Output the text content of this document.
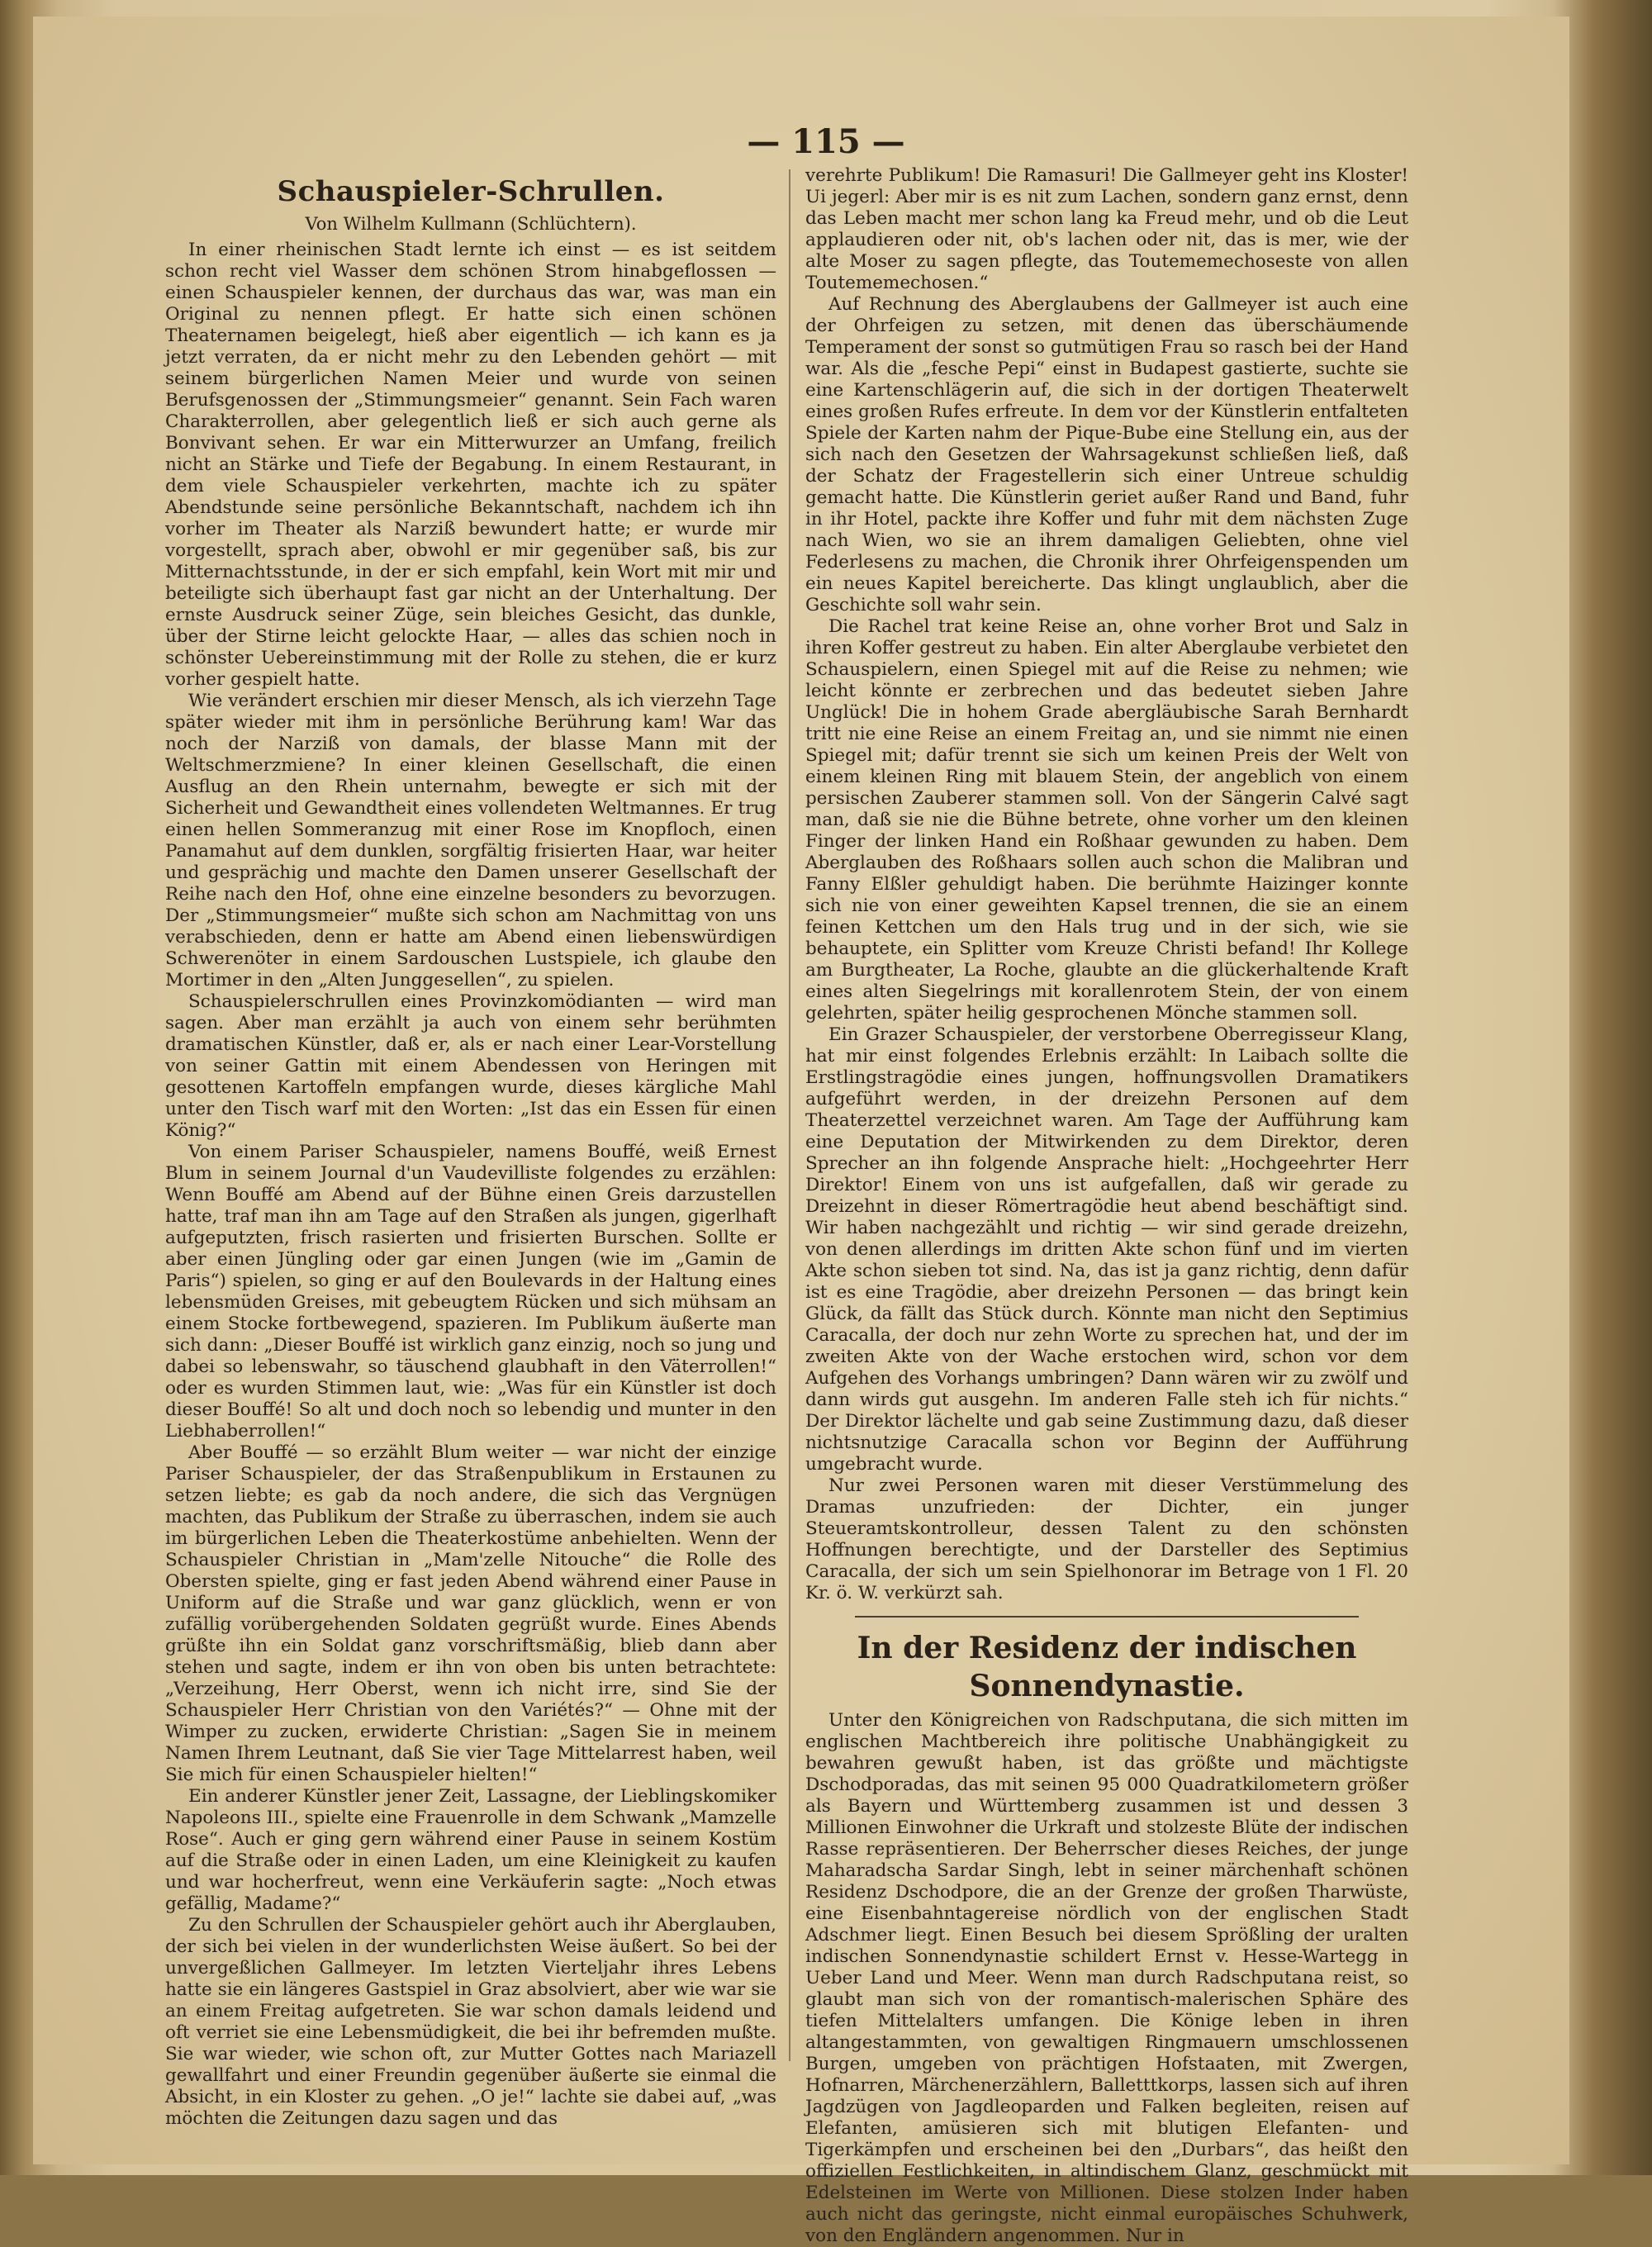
— 115 —
Schauspieler-Schrullen.
Von Wilhelm Kullmann (Schlüchtern).

In einer rheinischen Stadt lernte ich einst — es ist seitdem schon recht viel Wasser dem schönen Strom hinabgeflossen — einen Schauspieler kennen, der durchaus das war, was man ein Original zu nennen pflegt. Er hatte sich einen schönen Theaternamen beigelegt, hieß aber eigentlich — ich kann es ja jetzt verraten, da er nicht mehr zu den Lebenden gehört — mit seinem bürgerlichen Namen Meier und wurde von seinen Berufsgenossen der „Stimmungsmeier“ genannt. Sein Fach waren Charakterrollen, aber gelegentlich ließ er sich auch gerne als Bonvivant sehen. Er war ein Mitterwurzer an Umfang, freilich nicht an Stärke und Tiefe der Begabung. In einem Restaurant, in dem viele Schauspieler verkehrten, machte ich zu später Abendstunde seine persönliche Bekanntschaft, nachdem ich ihn vorher im Theater als Narziß bewundert hatte; er wurde mir vorgestellt, sprach aber, obwohl er mir gegenüber saß, bis zur Mitternachtsstunde, in der er sich empfahl, kein Wort mit mir und beteiligte sich überhaupt fast gar nicht an der Unterhaltung. Der ernste Ausdruck seiner Züge, sein bleiches Gesicht, das dunkle, über der Stirne leicht gelockte Haar, — alles das schien noch in schönster Uebereinstimmung mit der Rolle zu stehen, die er kurz vorher gespielt hatte.

Wie verändert erschien mir dieser Mensch, als ich vierzehn Tage später wieder mit ihm in persönliche Berührung kam! War das noch der Narziß von damals, der blasse Mann mit der Weltschmerzmiene? In einer kleinen Gesellschaft, die einen Ausflug an den Rhein unternahm, bewegte er sich mit der Sicherheit und Gewandtheit eines vollendeten Weltmannes. Er trug einen hellen Sommeranzug mit einer Rose im Knopfloch, einen Panamahut auf dem dunklen, sorgfältig frisierten Haar, war heiter und gesprächig und machte den Damen unserer Gesellschaft der Reihe nach den Hof, ohne eine einzelne besonders zu bevorzugen. Der „Stimmungsmeier“ mußte sich schon am Nachmittag von uns verabschieden, denn er hatte am Abend einen liebenswürdigen Schwerenöter in einem Sardouschen Lustspiele, ich glaube den Mortimer in den „Alten Junggesellen“, zu spielen.

Schauspielerschrullen eines Provinzkomödianten — wird man sagen. Aber man erzählt ja auch von einem sehr berühmten dramatischen Künstler, daß er, als er nach einer Lear-Vorstellung von seiner Gattin mit einem Abendessen von Heringen mit gesottenen Kartoffeln empfangen wurde, dieses kärgliche Mahl unter den Tisch warf mit den Worten: „Ist das ein Essen für einen König?“

Von einem Pariser Schauspieler, namens Bouffé, weiß Ernest Blum in seinem Journal d'un Vaudevilliste folgendes zu erzählen: Wenn Bouffé am Abend auf der Bühne einen Greis darzustellen hatte, traf man ihn am Tage auf den Straßen als jungen, gigerlhaft aufgeputzten, frisch rasierten und frisierten Burschen. Sollte er aber einen Jüngling oder gar einen Jungen (wie im „Gamin de Paris“) spielen, so ging er auf den Boulevards in der Haltung eines lebensmüden Greises, mit gebeugtem Rücken und sich mühsam an einem Stocke fortbewegend, spazieren. Im Publikum äußerte man sich dann: „Dieser Bouffé ist wirklich ganz einzig, noch so jung und dabei so lebenswahr, so täuschend glaubhaft in den Väterrollen!“ oder es wurden Stimmen laut, wie: „Was für ein Künstler ist doch dieser Bouffé! So alt und doch noch so lebendig und munter in den Liebhaberrollen!“

Aber Bouffé — so erzählt Blum weiter — war nicht der einzige Pariser Schauspieler, der das Straßenpublikum in Erstaunen zu setzen liebte; es gab da noch andere, die sich das Vergnügen machten, das Publikum der Straße zu überraschen, indem sie auch im bürgerlichen Leben die Theaterkostüme anbehielten. Wenn der Schauspieler Christian in „Mam'zelle Nitouche“ die Rolle des Obersten spielte, ging er fast jeden Abend während einer Pause in Uniform auf die Straße und war ganz glücklich, wenn er von zufällig vorübergehenden Soldaten gegrüßt wurde. Eines Abends grüßte ihn ein Soldat ganz vorschriftsmäßig, blieb dann aber stehen und sagte, indem er ihn von oben bis unten betrachtete: „Verzeihung, Herr Oberst, wenn ich nicht irre, sind Sie der Schauspieler Herr Christian von den Variétés?“ — Ohne mit der Wimper zu zucken, erwiderte Christian: „Sagen Sie in meinem Namen Ihrem Leutnant, daß Sie vier Tage Mittelarrest haben, weil Sie mich für einen Schauspieler hielten!“

Ein anderer Künstler jener Zeit, Lassagne, der Lieblingskomiker Napoleons III., spielte eine Frauenrolle in dem Schwank „Mamzelle Rose“. Auch er ging gern während einer Pause in seinem Kostüm auf die Straße oder in einen Laden, um eine Kleinigkeit zu kaufen und war hocherfreut, wenn eine Verkäuferin sagte: „Noch etwas gefällig, Madame?“

Zu den Schrullen der Schauspieler gehört auch ihr Aberglauben, der sich bei vielen in der wunderlichsten Weise äußert. So bei der unvergeßlichen Gallmeyer. Im letzten Vierteljahr ihres Lebens hatte sie ein längeres Gastspiel in Graz absolviert, aber wie war sie an einem Freitag aufgetreten. Sie war schon damals leidend und oft verriet sie eine Lebensmüdigkeit, die bei ihr befremden mußte. Sie war wieder, wie schon oft, zur Mutter Gottes nach Mariazell gewallfahrt und einer Freundin gegenüber äußerte sie einmal die Absicht, in ein Kloster zu gehen. „O je!“ lachte sie dabei auf, „was möchten die Zeitungen dazu sagen und das

verehrte Publikum! Die Ramasuri! Die Gallmeyer geht ins Kloster! Ui jegerl: Aber mir is es nit zum Lachen, sondern ganz ernst, denn das Leben macht mer schon lang ka Freud mehr, und ob die Leut applaudieren oder nit, ob's lachen oder nit, das is mer, wie der alte Moser zu sagen pflegte, das Toutememechoseste von allen Toutememechosen.“

Auf Rechnung des Aberglaubens der Gallmeyer ist auch eine der Ohrfeigen zu setzen, mit denen das überschäumende Temperament der sonst so gutmütigen Frau so rasch bei der Hand war. Als die „fesche Pepi“ einst in Budapest gastierte, suchte sie eine Kartenschlägerin auf, die sich in der dortigen Theaterwelt eines großen Rufes erfreute. In dem vor der Künstlerin entfalteten Spiele der Karten nahm der Pique-Bube eine Stellung ein, aus der sich nach den Gesetzen der Wahrsagekunst schließen ließ, daß der Schatz der Fragestellerin sich einer Untreue schuldig gemacht hatte. Die Künstlerin geriet außer Rand und Band, fuhr in ihr Hotel, packte ihre Koffer und fuhr mit dem nächsten Zuge nach Wien, wo sie an ihrem damaligen Geliebten, ohne viel Federlesens zu machen, die Chronik ihrer Ohrfeigenspenden um ein neues Kapitel bereicherte. Das klingt unglaublich, aber die Geschichte soll wahr sein.

Die Rachel trat keine Reise an, ohne vorher Brot und Salz in ihren Koffer gestreut zu haben. Ein alter Aberglaube verbietet den Schauspielern, einen Spiegel mit auf die Reise zu nehmen; wie leicht könnte er zerbrechen und das bedeutet sieben Jahre Unglück! Die in hohem Grade abergläubische Sarah Bernhardt tritt nie eine Reise an einem Freitag an, und sie nimmt nie einen Spiegel mit; dafür trennt sie sich um keinen Preis der Welt von einem kleinen Ring mit blauem Stein, der angeblich von einem persischen Zauberer stammen soll. Von der Sängerin Calvé sagt man, daß sie nie die Bühne betrete, ohne vorher um den kleinen Finger der linken Hand ein Roßhaar gewunden zu haben. Dem Aberglauben des Roßhaars sollen auch schon die Malibran und Fanny Elßler gehuldigt haben. Die berühmte Haizinger konnte sich nie von einer geweihten Kapsel trennen, die sie an einem feinen Kettchen um den Hals trug und in der sich, wie sie behauptete, ein Splitter vom Kreuze Christi befand! Ihr Kollege am Burgtheater, La Roche, glaubte an die glückerhaltende Kraft eines alten Siegelrings mit korallenrotem Stein, der von einem gelehrten, später heilig gesprochenen Mönche stammen soll.

Ein Grazer Schauspieler, der verstorbene Oberregisseur Klang, hat mir einst folgendes Erlebnis erzählt: In Laibach sollte die Erstlingstragödie eines jungen, hoffnungsvollen Dramatikers aufgeführt werden, in der dreizehn Personen auf dem Theaterzettel verzeichnet waren. Am Tage der Aufführung kam eine Deputation der Mitwirkenden zu dem Direktor, deren Sprecher an ihn folgende Ansprache hielt: „Hochgeehrter Herr Direktor! Einem von uns ist aufgefallen, daß wir gerade zu Dreizehnt in dieser Römertragödie heut abend beschäftigt sind. Wir haben nachgezählt und richtig — wir sind gerade dreizehn, von denen allerdings im dritten Akte schon fünf und im vierten Akte schon sieben tot sind. Na, das ist ja ganz richtig, denn dafür ist es eine Tragödie, aber dreizehn Personen — das bringt kein Glück, da fällt das Stück durch. Könnte man nicht den Septimius Caracalla, der doch nur zehn Worte zu sprechen hat, und der im zweiten Akte von der Wache erstochen wird, schon vor dem Aufgehen des Vorhangs umbringen? Dann wären wir zu zwölf und dann wirds gut ausgehn. Im anderen Falle steh ich für nichts.“ Der Direktor lächelte und gab seine Zustimmung dazu, daß dieser nichtsnutzige Caracalla schon vor Beginn der Aufführung umgebracht wurde.

Nur zwei Personen waren mit dieser Verstümmelung des Dramas unzufrieden: der Dichter, ein junger Steueramtskontrolleur, dessen Talent zu den schönsten Hoffnungen berechtigte, und der Darsteller des Septimius Caracalla, der sich um sein Spielhonorar im Betrage von 1 Fl. 20 Kr. ö. W. verkürzt sah.

In der Residenz der indischen Sonnendynastie.

Unter den Königreichen von Radschputana, die sich mitten im englischen Machtbereich ihre politische Unabhängigkeit zu bewahren gewußt haben, ist das größte und mächtigste Dschodporadas, das mit seinen 95 000 Quadratkilometern größer als Bayern und Württemberg zusammen ist und dessen 3 Millionen Einwohner die Urkraft und stolzeste Blüte der indischen Rasse repräsentieren. Der Beherrscher dieses Reiches, der junge Maharadscha Sardar Singh, lebt in seiner märchenhaft schönen Residenz Dschodpore, die an der Grenze der großen Tharwüste, eine Eisenbahntagereise nördlich von der englischen Stadt Adschmer liegt. Einen Besuch bei diesem Sprößling der uralten indischen Sonnendynastie schildert Ernst v. Hesse-Wartegg in Ueber Land und Meer. Wenn man durch Radschputana reist, so glaubt man sich von der romantisch-malerischen Sphäre des tiefen Mittelalters umfangen. Die Könige leben in ihren altangestammten, von gewaltigen Ringmauern umschlossenen Burgen, umgeben von prächtigen Hofstaaten, mit Zwergen, Hofnarren, Märchenerzählern, Balletttkorps, lassen sich auf ihren Jagdzügen von Jagdleoparden und Falken begleiten, reisen auf Elefanten, amüsieren sich mit blutigen Elefanten- und Tigerkämpfen und erscheinen bei den „Durbars“, das heißt den offiziellen Festlichkeiten, in altindischem Glanz, geschmückt mit Edelsteinen im Werte von Millionen. Diese stolzen Inder haben auch nicht das geringste, nicht einmal europäisches Schuhwerk, von den Engländern angenommen. Nur in
